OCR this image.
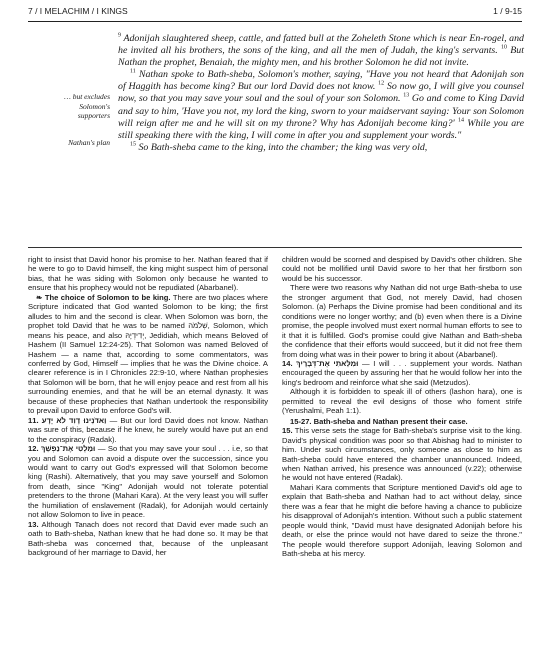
7 / I MELACHIM / I KINGS	1 / 9-15
… but excludes Solomon's supporters
Nathan's plan

$^9$ Adonijah slaughtered sheep, cattle, and fatted bull at the Zoheleth Stone which is near En-rogel, and he invited all his brothers, the sons of the king, and all the men of Judah, the king's servants. $^{10}$ But Nathan the prophet, Benaiah, the mighty men, and his brother Solomon he did not invite.

$^{11}$ Nathan spoke to Bath-sheba, Solomon's mother, saying, "Have you not heard that Adonijah son of Haggith has become king? But our lord David does not know. $^{12}$ So now go, I will give you counsel now, so that you may save your soul and the soul of your son Solomon. $^{13}$ Go and come to King David and say to him, 'Have you not, my lord the king, sworn to your maidservant saying: Your son Solomon will reign after me and he will sit on my throne? Why has Adonijah become king?' $^{14}$ While you are still speaking there with the king, I will come in after you and supplement your words."

$^{15}$ So Bath-sheba came to the king, into the chamber; the king was very old,

right to insist that David honor his promise to her. Nathan feared that if he were to go to David himself, the king might suspect him of personal bias, that he was siding with Solomon only because he wanted to ensure that his prophecy would not be repudiated (Abarbanel).

❧ The choice of Solomon to be king. There are two places where Scripture indicated that God wanted Solomon to be king; the first alludes to him and the second is clear. When Solomon was born, the prophet told David that he was to be named שְׁלֹמֹה, Solomon, which means his peace, and also יְדִידְיָהּ, Jedidiah, which means Beloved of Hashem (II Samuel 12:24-25). That Solomon was named Beloved of Hashem — a name that, according to some commentators, was conferred by God, Himself — implies that he was the Divine choice. A clearer reference is in I Chronicles 22:9-10, where Nathan prophesies that Solomon will be born, that he will enjoy peace and rest from all his surrounding enemies, and that he will be an eternal dynasty. It was because of these prophecies that Nathan undertook the responsibility to prevail upon David to enforce God's will.

11. וַאדֹנֵינוּ דָוִד לֹא יָדָע — But our lord David does not know. Nathan was sure of this, because if he knew, he surely would have put an end to the conspiracy (Radak).

12. וּמַלְטִי אֶת־נַפְשֵׁךְ — So that you may save your soul . . . i.e, so that you and Solomon can avoid a dispute over the succession, since you would want to carry out God's expressed will that Solomon become king (Rashi). Alternatively, that you may save yourself and Solomon from death, since "King" Adonijah would not tolerate potential pretenders to the throne (Mahari Kara). At the very least you will suffer the humiliation of enslavement (Radak), for Adonijah would certainly not allow Solomon to live in peace.

13. Although Tanach does not record that David ever made such an oath to Bath-sheba, Nathan knew that he had done so. It may be that Bath-sheba was concerned that, because of the unpleasant background of her marriage to David, her

children would be scorned and despised by David's other children. She could not be mollified until David swore to her that her firstborn son would be his successor.

There were two reasons why Nathan did not urge Bath-sheba to use the stronger argument that God, not merely David, had chosen Solomon. (a) Perhaps the Divine promise had been conditional and its conditions were no longer worthy; and (b) even when there is a Divine promise, the people involved must exert normal human efforts to see to it that it is fulfilled. God's promise could give Nathan and Bath-sheba the confidence that their efforts would succeed, but it did not free them from doing what was in their power to bring it about (Abarbanel).

14. וּמִלֵּאתִי אֶת־דְּבָרָיִךְ — I will . . . supplement your words. Nathan encouraged the queen by assuring her that he would follow her into the king's bedroom and reinforce what she said (Metzudos).

Although it is forbidden to speak ill of others (lashon hara), one is permitted to reveal the evil designs of those who foment strife (Yerushalmi, Peah 1:1).

15-27. Bath-sheba and Nathan present their case.

15. This verse sets the stage for Bath-sheba's surprise visit to the king. David's physical condition was poor so that Abishag had to minister to him. Under such circumstances, only someone as close to him as Bath-sheba could have entered the chamber unannounced. Indeed, when Nathan arrived, his presence was announced (v.22); otherwise he would not have entered (Radak).

Mahari Kara comments that Scripture mentioned David's old age to explain that Bath-sheba and Nathan had to act without delay, since there was a fear that he might die before having a chance to publicize his disapproval of Adonijah's intention. Without such a public statement people would think, "David must have designated Adonijah before his death, or else the prince would not have dared to seize the throne." The people would therefore support Adonijah, leaving Solomon and Bath-sheba at his mercy.
